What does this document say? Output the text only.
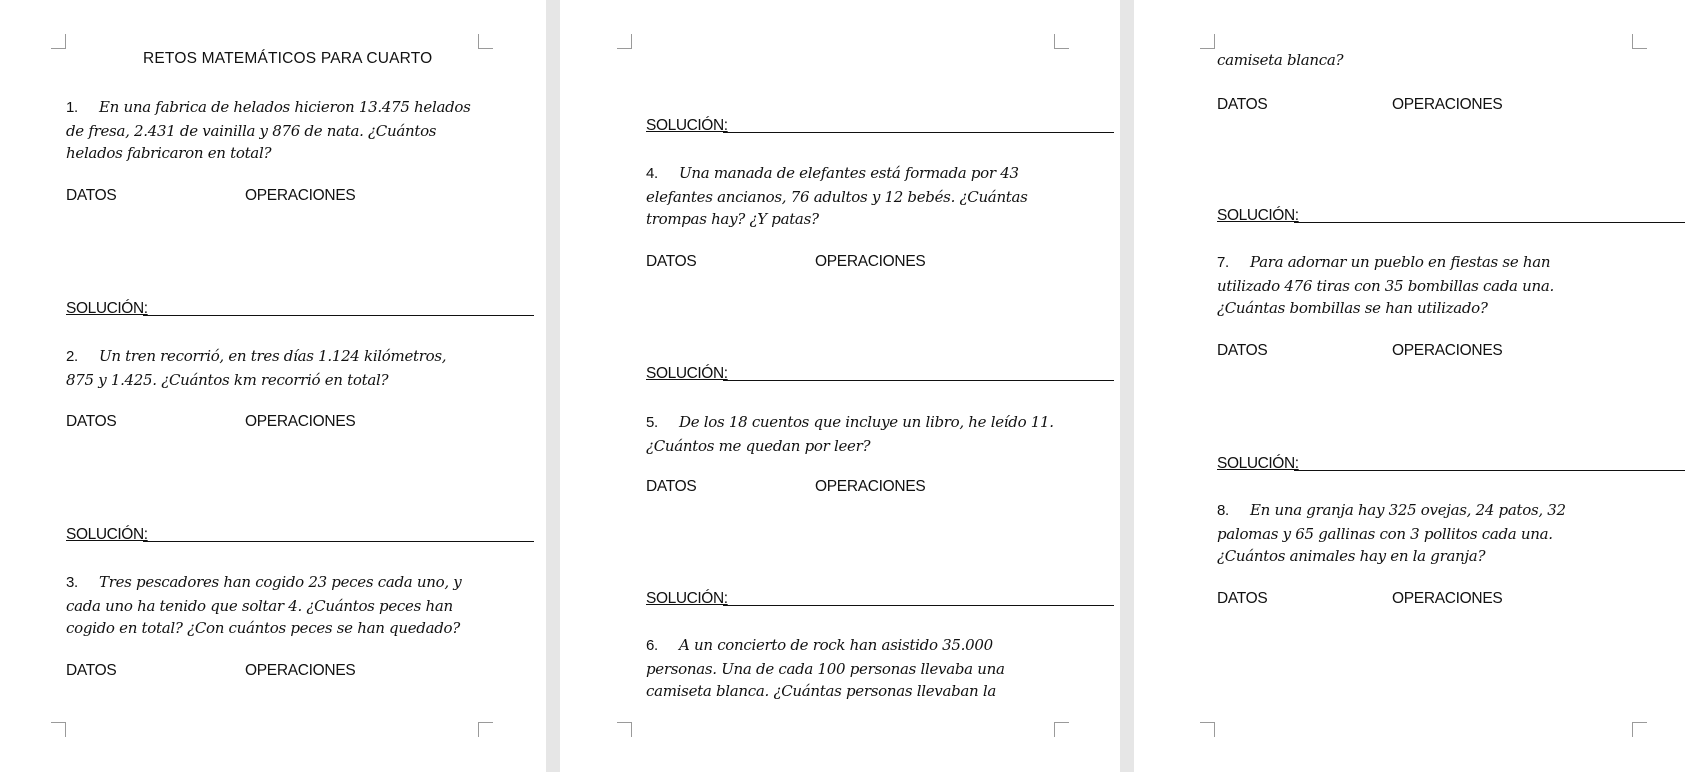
RETOS MATEMÁTICOS PARA CUARTO
1. En una fabrica de helados hicieron 13.475 helados
de fresa, 2.431 de vainilla y 876 de nata. ¿Cuántos
helados fabricaron en total?
DATOS	OPERACIONES
SOLUCIÓN:
2. Un tren recorrió, en tres días 1.124 kilómetros,
875 y 1.425. ¿Cuántos km recorrió en total?
DATOS	OPERACIONES
SOLUCIÓN:
3. Tres pescadores han cogido 23 peces cada uno, y
cada uno ha tenido que soltar 4. ¿Cuántos peces han
cogido en total? ¿Con cuántos peces se han quedado?
DATOS	OPERACIONES
SOLUCIÓN:
4. Una manada de elefantes está formada por 43
elefantes ancianos, 76 adultos y 12 bebés. ¿Cuántas
trompas hay? ¿Y patas?
DATOS	OPERACIONES
SOLUCIÓN:
5. De los 18 cuentos que incluye un libro, he leído 11.
¿Cuántos me quedan por leer?
DATOS	OPERACIONES
SOLUCIÓN:
6. A un concierto de rock han asistido 35.000
personas. Una de cada 100 personas llevaba una
camiseta blanca. ¿Cuántas personas llevaban la
camiseta blanca?
DATOS	OPERACIONES
SOLUCIÓN:
7. Para adornar un pueblo en fiestas se han
utilizado 476 tiras con 35 bombillas cada una.
¿Cuántas bombillas se han utilizado?
DATOS	OPERACIONES
SOLUCIÓN:
8. En una granja hay 325 ovejas, 24 patos, 32
palomas y 65 gallinas con 3 pollitos cada una.
¿Cuántos animales hay en la granja?
DATOS	OPERACIONES
